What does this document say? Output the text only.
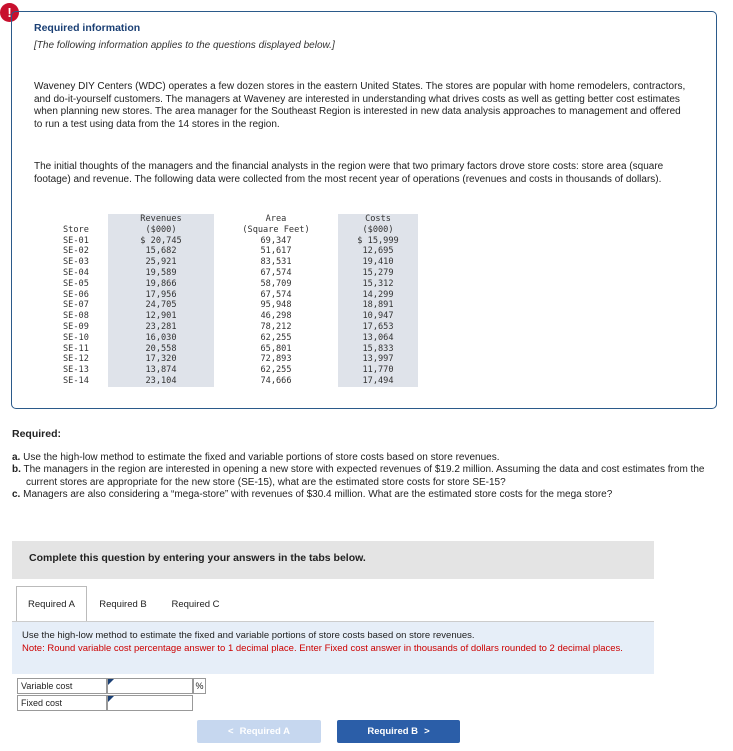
!
Required information
[The following information applies to the questions displayed below.]
Waveney DIY Centers (WDC) operates a few dozen stores in the eastern United States. The stores are popular with home remodelers, contractors, and do-it-yourself customers. The managers at Waveney are interested in understanding what drives costs as well as getting better cost estimates when planning new stores. The area manager for the Southeast Region is interested in new data analysis approaches to management and offered to run a test using data from the 14 stores in the region.
The initial thoughts of the managers and the financial analysts in the region were that two primary factors drove store costs: store area (square footage) and revenue. The following data were collected from the most recent year of operations (revenues and costs in thousands of dollars).
	Revenues	Area	Costs
Store	($000)	(Square Feet)	($000)
SE-01	$ 20,745	69,347	$ 15,999
SE-02	15,682	51,617	12,695
SE-03	25,921	83,531	19,410
SE-04	19,589	67,574	15,279
SE-05	19,866	58,709	15,312
SE-06	17,956	67,574	14,299
SE-07	24,705	95,948	18,891
SE-08	12,901	46,298	10,947
SE-09	23,281	78,212	17,653
SE-10	16,030	62,255	13,064
SE-11	20,558	65,801	15,833
SE-12	17,320	72,893	13,997
SE-13	13,874	62,255	11,770
SE-14	23,104	74,666	17,494
Required:
a. Use the high-low method to estimate the fixed and variable portions of store costs based on store revenues.
b. The managers in the region are interested in opening a new store with expected revenues of $19.2 million. Assuming the data and cost estimates from the current stores are appropriate for the new store (SE-15), what are the estimated store costs for store SE-15?
c. Managers are also considering a “mega-store” with revenues of $30.4 million. What are the estimated store costs for the mega store?
Complete this question by entering your answers in the tabs below.
Required A	Required B	Required C
Use the high-low method to estimate the fixed and variable portions of store costs based on store revenues.
Note: Round variable cost percentage answer to 1 decimal place. Enter Fixed cost answer in thousands of dollars rounded to 2 decimal places.
Variable cost	%
Fixed cost
< Required A	Required B >
